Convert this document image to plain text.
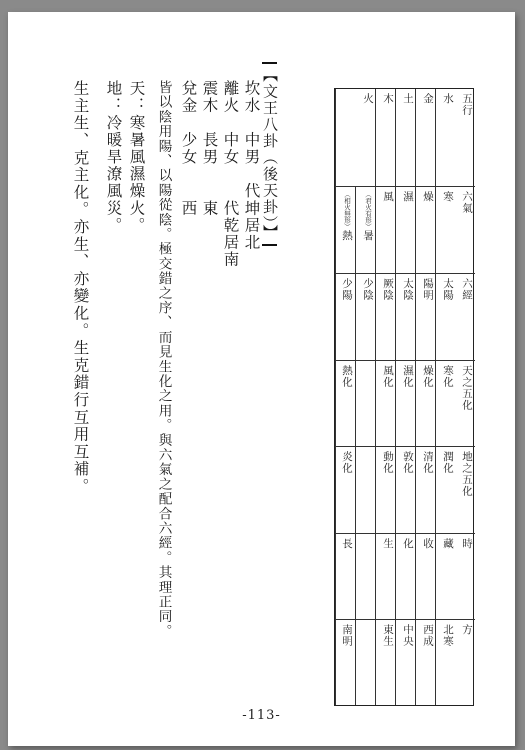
【文王八卦（後天卦）】
坎水　中男　代坤居北
離火　中女　　代乾居南
震木　長男　　東
兌金　少女　　西
皆以陰用陽、以陽從陰。極交錯之序、而見生化之用。與六氣之配合六經。其理正同。
天：寒暑風濕燥火。
地：冷暖旱潦風災。
生主生、克主化。亦生、亦變化。生克錯行互用互補。	五行
六氣
六經
天之五化
地之五化
時
方
水
寒
太陽
寒化
潤化
藏
北寒
金
燥
陽明
燥化
清化
收
西成
土
濕
太陰
濕化
敦化
化
中央
木
風
厥陰
風化
動化
生
東生
火
（君火有形）暑
少陰
（相火無形）熱
少陽
熱化
炎化
長
南明
-113-
